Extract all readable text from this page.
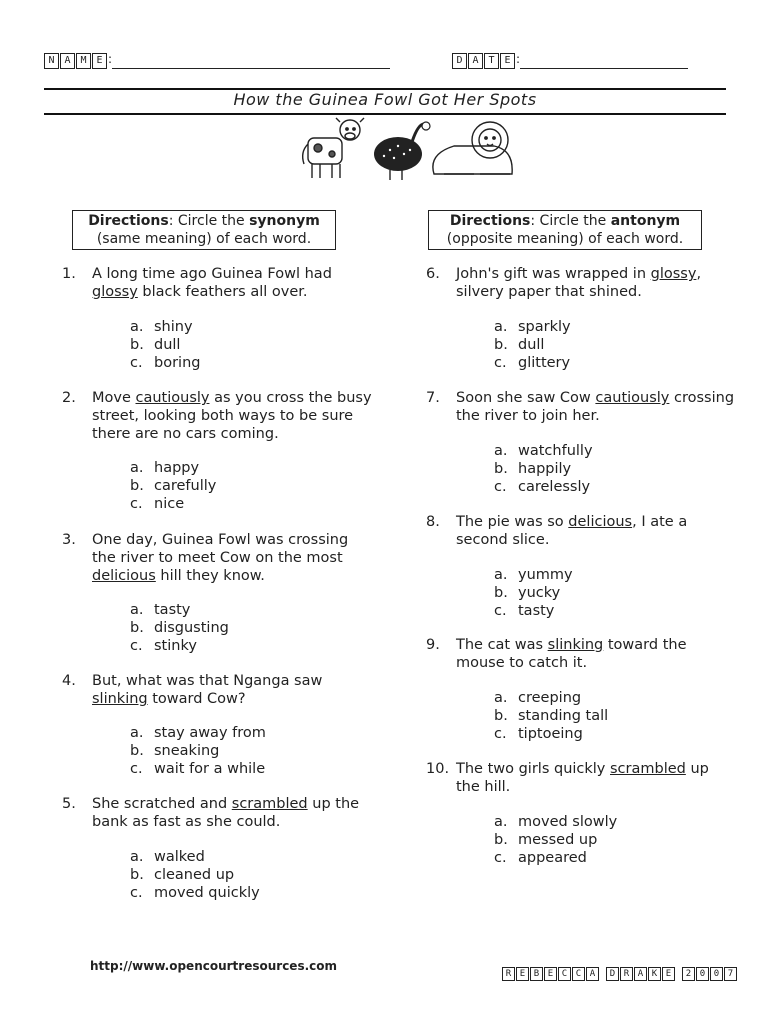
N A M E :	D A T E :
How the Guinea Fowl Got Her Spots
Directions: Circle the synonym
(same meaning) of each word.
Directions: Circle the antonym
(opposite meaning) of each word.
http://www.opencourtresources.com
R E B E C C A D R A K E 2 0 0 7
1.	A long time ago Guinea Fowl had glossy black feathers all over.
a. shiny
b. dull
c. boring
2.	Move cautiously as you cross the busy street, looking both ways to be sure there are no cars coming.
a. happy
b. carefully
c. nice
3.	One day, Guinea Fowl was crossing the river to meet Cow on the most delicious hill they know.
a. tasty
b. disgusting
c. stinky
4.	But, what was that Nganga saw slinking toward Cow?
a. stay away from
b. sneaking
c. wait for a while
5.	She scratched and scrambled up the bank as fast as she could.
a. walked
b. cleaned up
c. moved quickly
6.	John's gift was wrapped in glossy, silvery paper that shined.
a. sparkly
b. dull
c. glittery
7.	Soon she saw Cow cautiously crossing the river to join her.
a. watchfully
b. happily
c. carelessly
8.	The pie was so delicious, I ate a second slice.
a. yummy
b. yucky
c. tasty
9.	The cat was slinking toward the mouse to catch it.
a. creeping
b. standing tall
c. tiptoeing
10. The two girls quickly scrambled up the hill.
a. moved slowly
b. messed up
c. appeared
